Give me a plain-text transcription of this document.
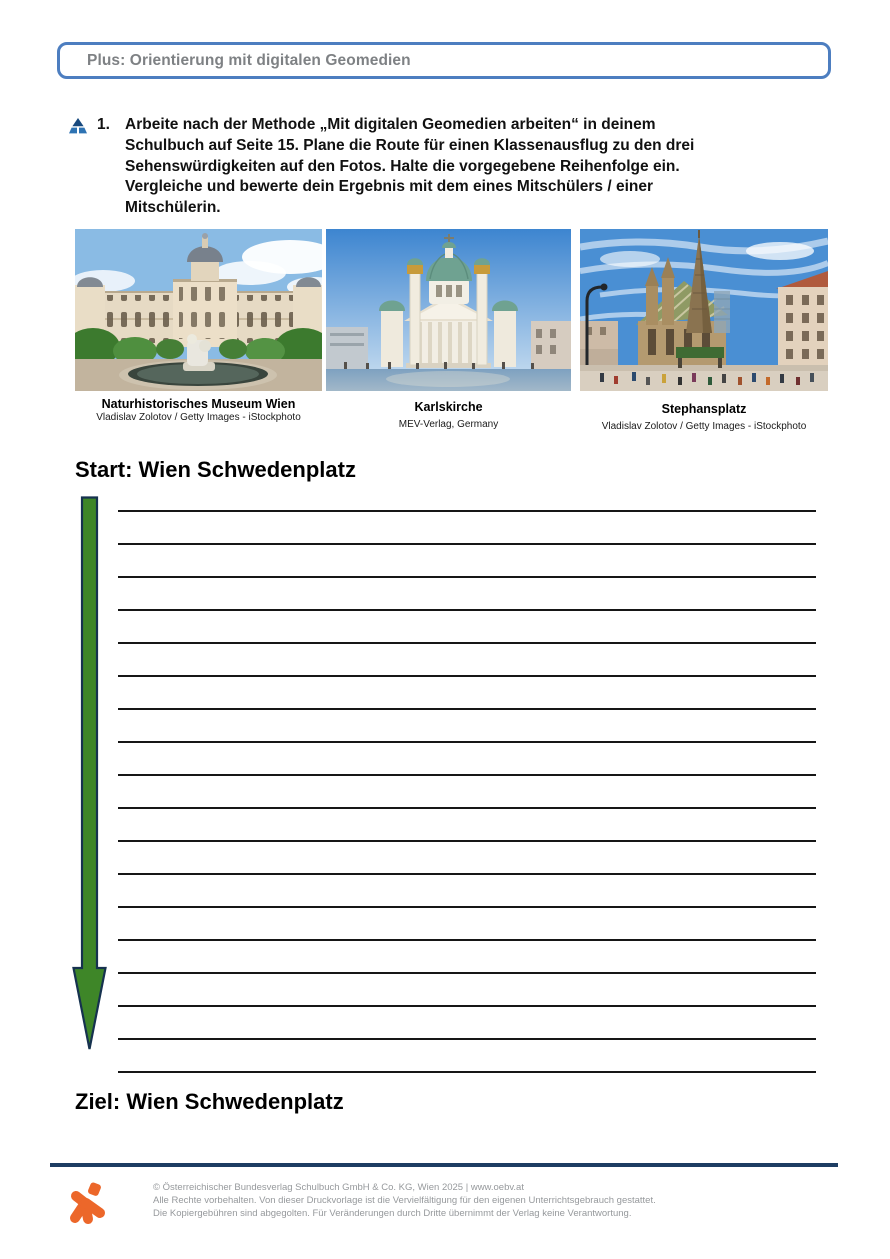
Plus: Orientierung mit digitalen Geomedien
1. Arbeite nach der Methode „Mit digitalen Geomedien arbeiten“ in deinem
Schulbuch auf Seite 15. Plane die Route für einen Klassenausflug zu den drei
Sehenswürdigkeiten auf den Fotos. Halte die vorgegebene Reihenfolge ein.
Vergleiche und bewerte dein Ergebnis mit dem eines Mitschülers / einer
Mitschülerin.
Naturhistorisches Museum Wien
Vladislav Zolotov / Getty Images - iStockphoto
Karlskirche
MEV-Verlag, Germany
Stephansplatz
Vladislav Zolotov / Getty Images - iStockphoto
Start: Wien Schwedenplatz
Ziel: Wien Schwedenplatz
© Österreichischer Bundesverlag Schulbuch GmbH & Co. KG, Wien 2025 | www.oebv.at
Alle Rechte vorbehalten. Von dieser Druckvorlage ist die Vervielfältigung für den eigenen Unterrichtsgebrauch gestattet.
Die Kopiergebühren sind abgegolten. Für Veränderungen durch Dritte übernimmt der Verlag keine Verantwortung.
